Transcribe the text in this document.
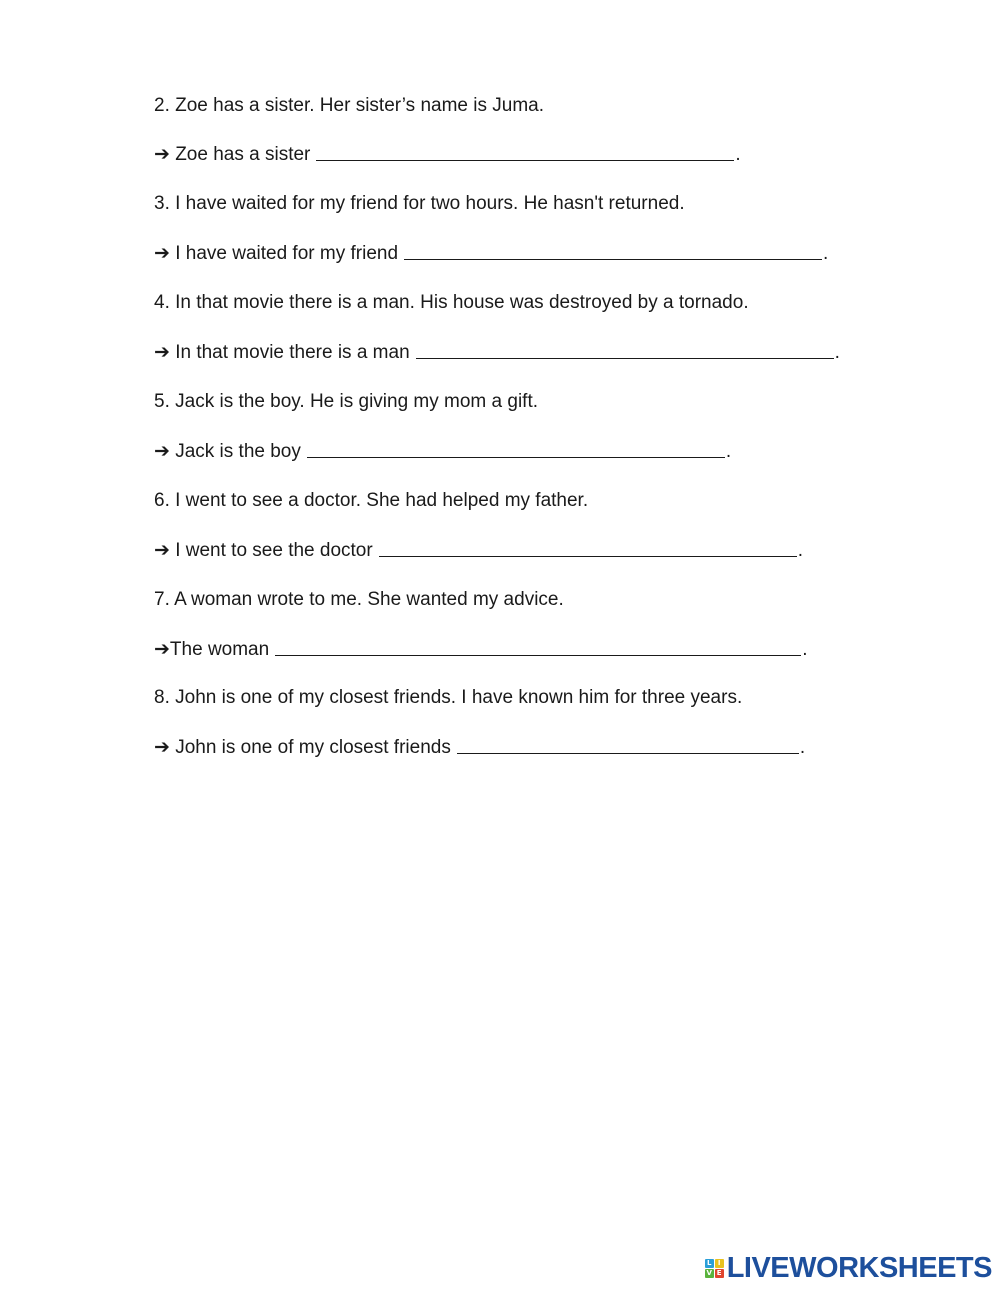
2. Zoe has a sister. Her sister’s name is Juma.

➔ Zoe has a sister	.

3. I have waited for my friend for two hours. He hasn't returned.

➔ I have waited for my friend	.

4. In that movie there is a man. His house was destroyed by a tornado.

➔ In that movie there is a man	.

5. Jack is the boy. He is giving my mom a gift.

➔ Jack is the boy	.

6. I went to see a doctor. She had helped my father.

➔ I went to see the doctor	.

7. A woman wrote to me. She wanted my advice.

➔The woman	.

8. John is one of my closest friends. I have known him for three years.

➔ John is one of my closest friends	.

L I
V E LIVEWORKSHEETS
